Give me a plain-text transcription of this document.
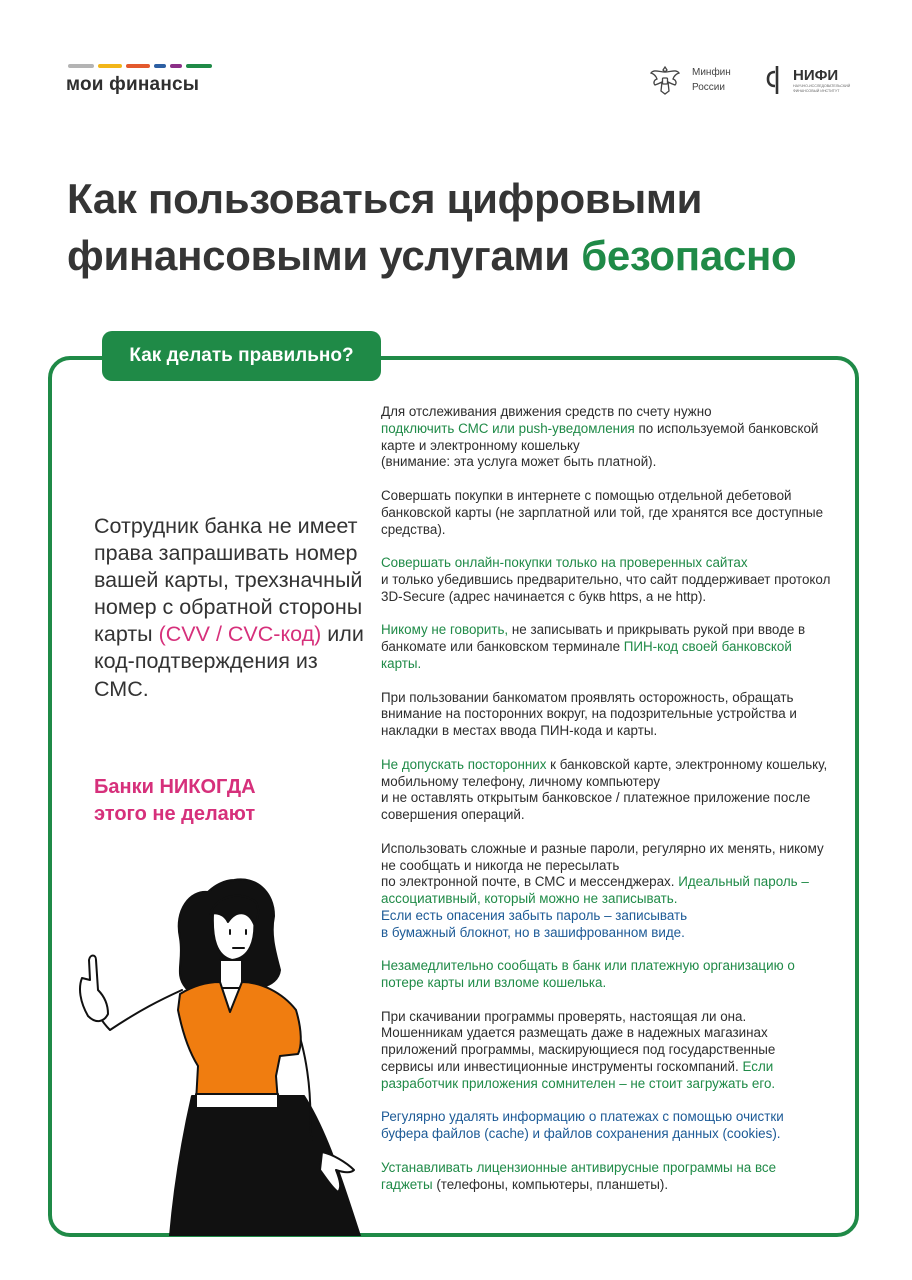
мои финансы
Минфин
России
НИФИ
НАУЧНО-ИССЛЕДОВАТЕЛЬСКИЙ ФИНАНСОВЫЙ ИНСТИТУТ
Как пользоваться цифровыми финансовыми услугами безопасно
Как делать правильно?
Сотрудник банка не имеет права запрашивать номер вашей карты, трехзначный номер с обратной стороны карты (CVV / CVC-код) или код-подтверждения из СМС.
Банки НИКОГДА
этого не делают

Для отслеживания движения средств по счету нужно
подключить СМС или push-уведомления по используемой банковской карте и электронному кошельку
(внимание: эта услуга может быть платной).

Совершать покупки в интернете с помощью отдельной дебетовой банковской карты (не зарплатной или той, где хранятся все доступные средства).

Совершать онлайн-покупки только на проверенных сайтах
и только убедившись предварительно, что сайт поддерживает протокол 3D-Secure (адрес начинается с букв https, а не http).

Никому не говорить, не записывать и прикрывать рукой при вводе в банкомате или банковском терминале ПИН-код своей банковской карты.

При пользовании банкоматом проявлять осторожность, обращать внимание на посторонних вокруг, на подозрительные устройства и накладки в местах ввода ПИН-кода и карты.

Не допускать посторонних к банковской карте, электронному кошельку, мобильному телефону, личному компьютеру
и не оставлять открытым банковское / платежное приложение после совершения операций.

Использовать сложные и разные пароли, регулярно их менять, никому не сообщать и никогда не пересылать
по электронной почте, в СМС и мессенджерах. Идеальный пароль – ассоциативный, который можно не записывать.
Если есть опасения забыть пароль – записывать
в бумажный блокнот, но в зашифрованном виде.

Незамедлительно сообщать в банк или платежную организацию о потере карты или взломе кошелька.

При скачивании программы проверять, настоящая ли она. Мошенникам удается размещать даже в надежных магазинах приложений программы, маскирующиеся под государственные сервисы или инвестиционные инструменты госкомпаний. Если разработчик приложения сомнителен – не стоит загружать его.

Регулярно удалять информацию о платежах с помощью очистки буфера файлов (cache) и файлов сохранения данных (cookies).

Устанавливать лицензионные антивирусные программы на все гаджеты (телефоны, компьютеры, планшеты).
